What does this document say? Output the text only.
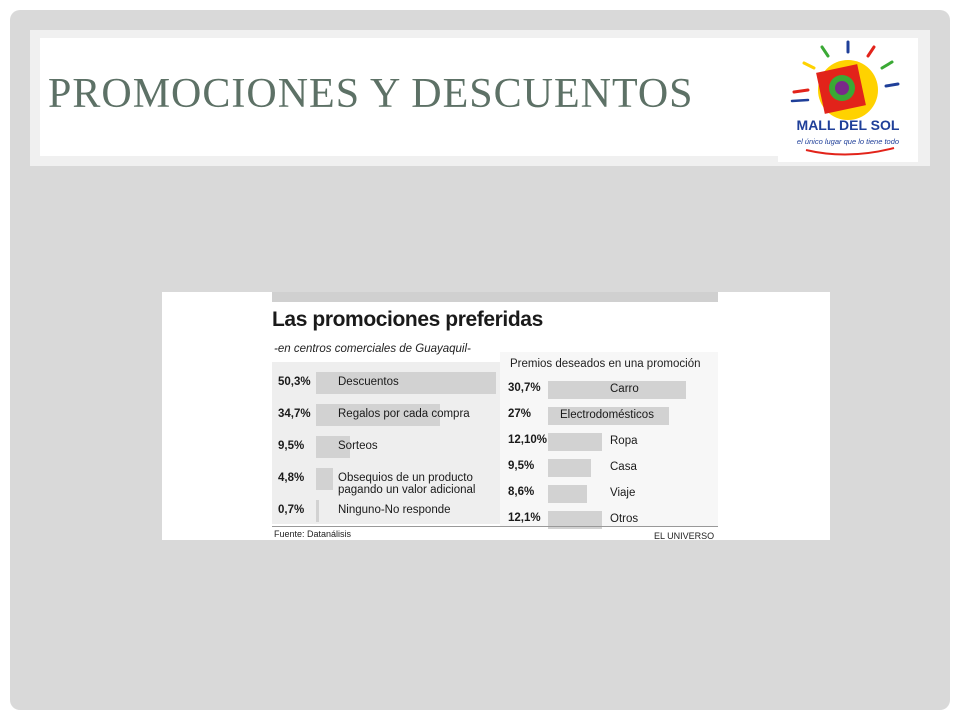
PROMOCIONES Y DESCUENTOS
MALL DEL SOL
el único lugar que lo tiene todo
Las promociones preferidas
-en centros comerciales de Guayaquil-
Premios deseados en una promoción
50,3% Descuentos
34,7% Regalos por cada compra
9,5%	Sorteos
4,8%	Obsequios de un producto pagando un valor adicional
0,7%	Ninguno-No responde
30,7%	Carro
27%	Electrodomésticos
12,10%	Ropa
9,5%	Casa
8,6%	Viaje
12,1%	Otros
Fuente: Datanálisis	EL UNIVERSO
